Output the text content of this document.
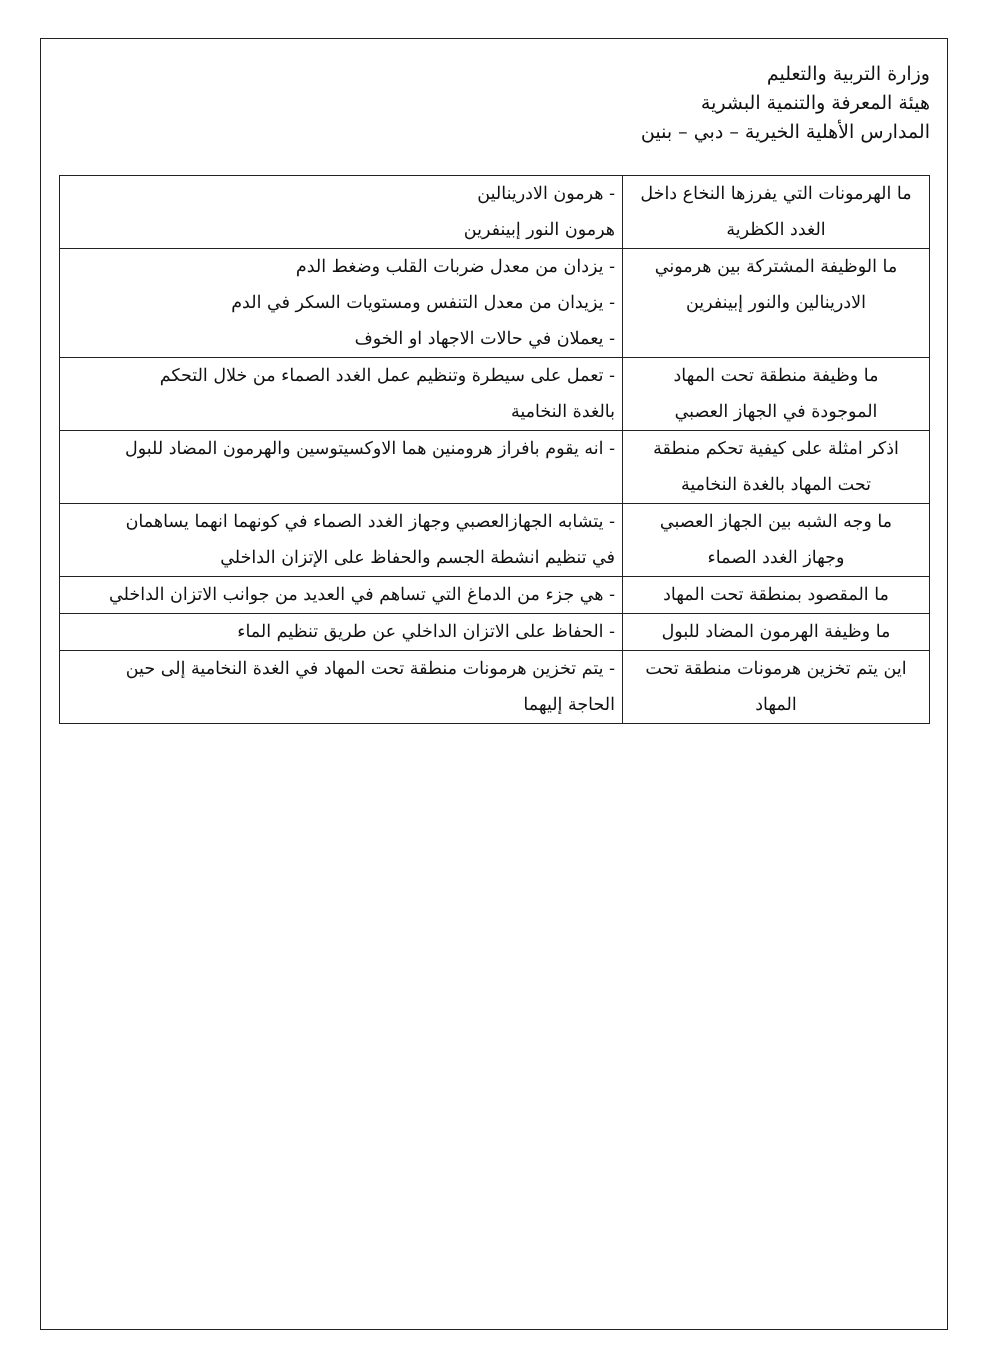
وزارة التربية والتعليم
هيئة المعرفة والتنمية البشرية
المدارس الأهلية الخيرية – دبي – بنين
ما الهرمونات التي يفرزها النخاع داخل
الغدد الكظرية	- هرمون الادرينالين
هرمون النور إبينفرين

ما الوظيفة المشتركة بين هرموني
الادرينالين والنور إبينفرين	- يزدان من معدل ضربات القلب وضغط الدم
- يزيدان من معدل التنفس ومستويات السكر في الدم
- يعملان في حالات الاجهاد او الخوف

ما وظيفة منطقة تحت المهاد
الموجودة في الجهاز العصبي	- تعمل على سيطرة وتنظيم عمل الغدد الصماء من خلال التحكم
بالغدة النخامية

اذكر امثلة على كيفية تحكم منطقة
تحت المهاد بالغدة النخامية	- انه يقوم بافراز هرومنين هما الاوكسيتوسين والهرمون المضاد للبول

ما وجه الشبه بين الجهاز العصبي
وجهاز الغدد الصماء	- يتشابه الجهازالعصبي وجهاز الغدد الصماء في كونهما انهما يساهمان
في تنظيم انشطة الجسم والحفاظ على الإتزان الداخلي

ما المقصود بمنطقة تحت المهاد	- هي جزء من الدماغ التي تساهم في العديد من جوانب الاتزان الداخلي

ما وظيفة الهرمون المضاد للبول	- الحفاظ على الاتزان الداخلي عن طريق تنظيم الماء

اين يتم تخزين هرمونات منطقة تحت
المهاد	- يتم تخزين هرمونات منطقة تحت المهاد في الغدة النخامية إلى حين
الحاجة إليهما
